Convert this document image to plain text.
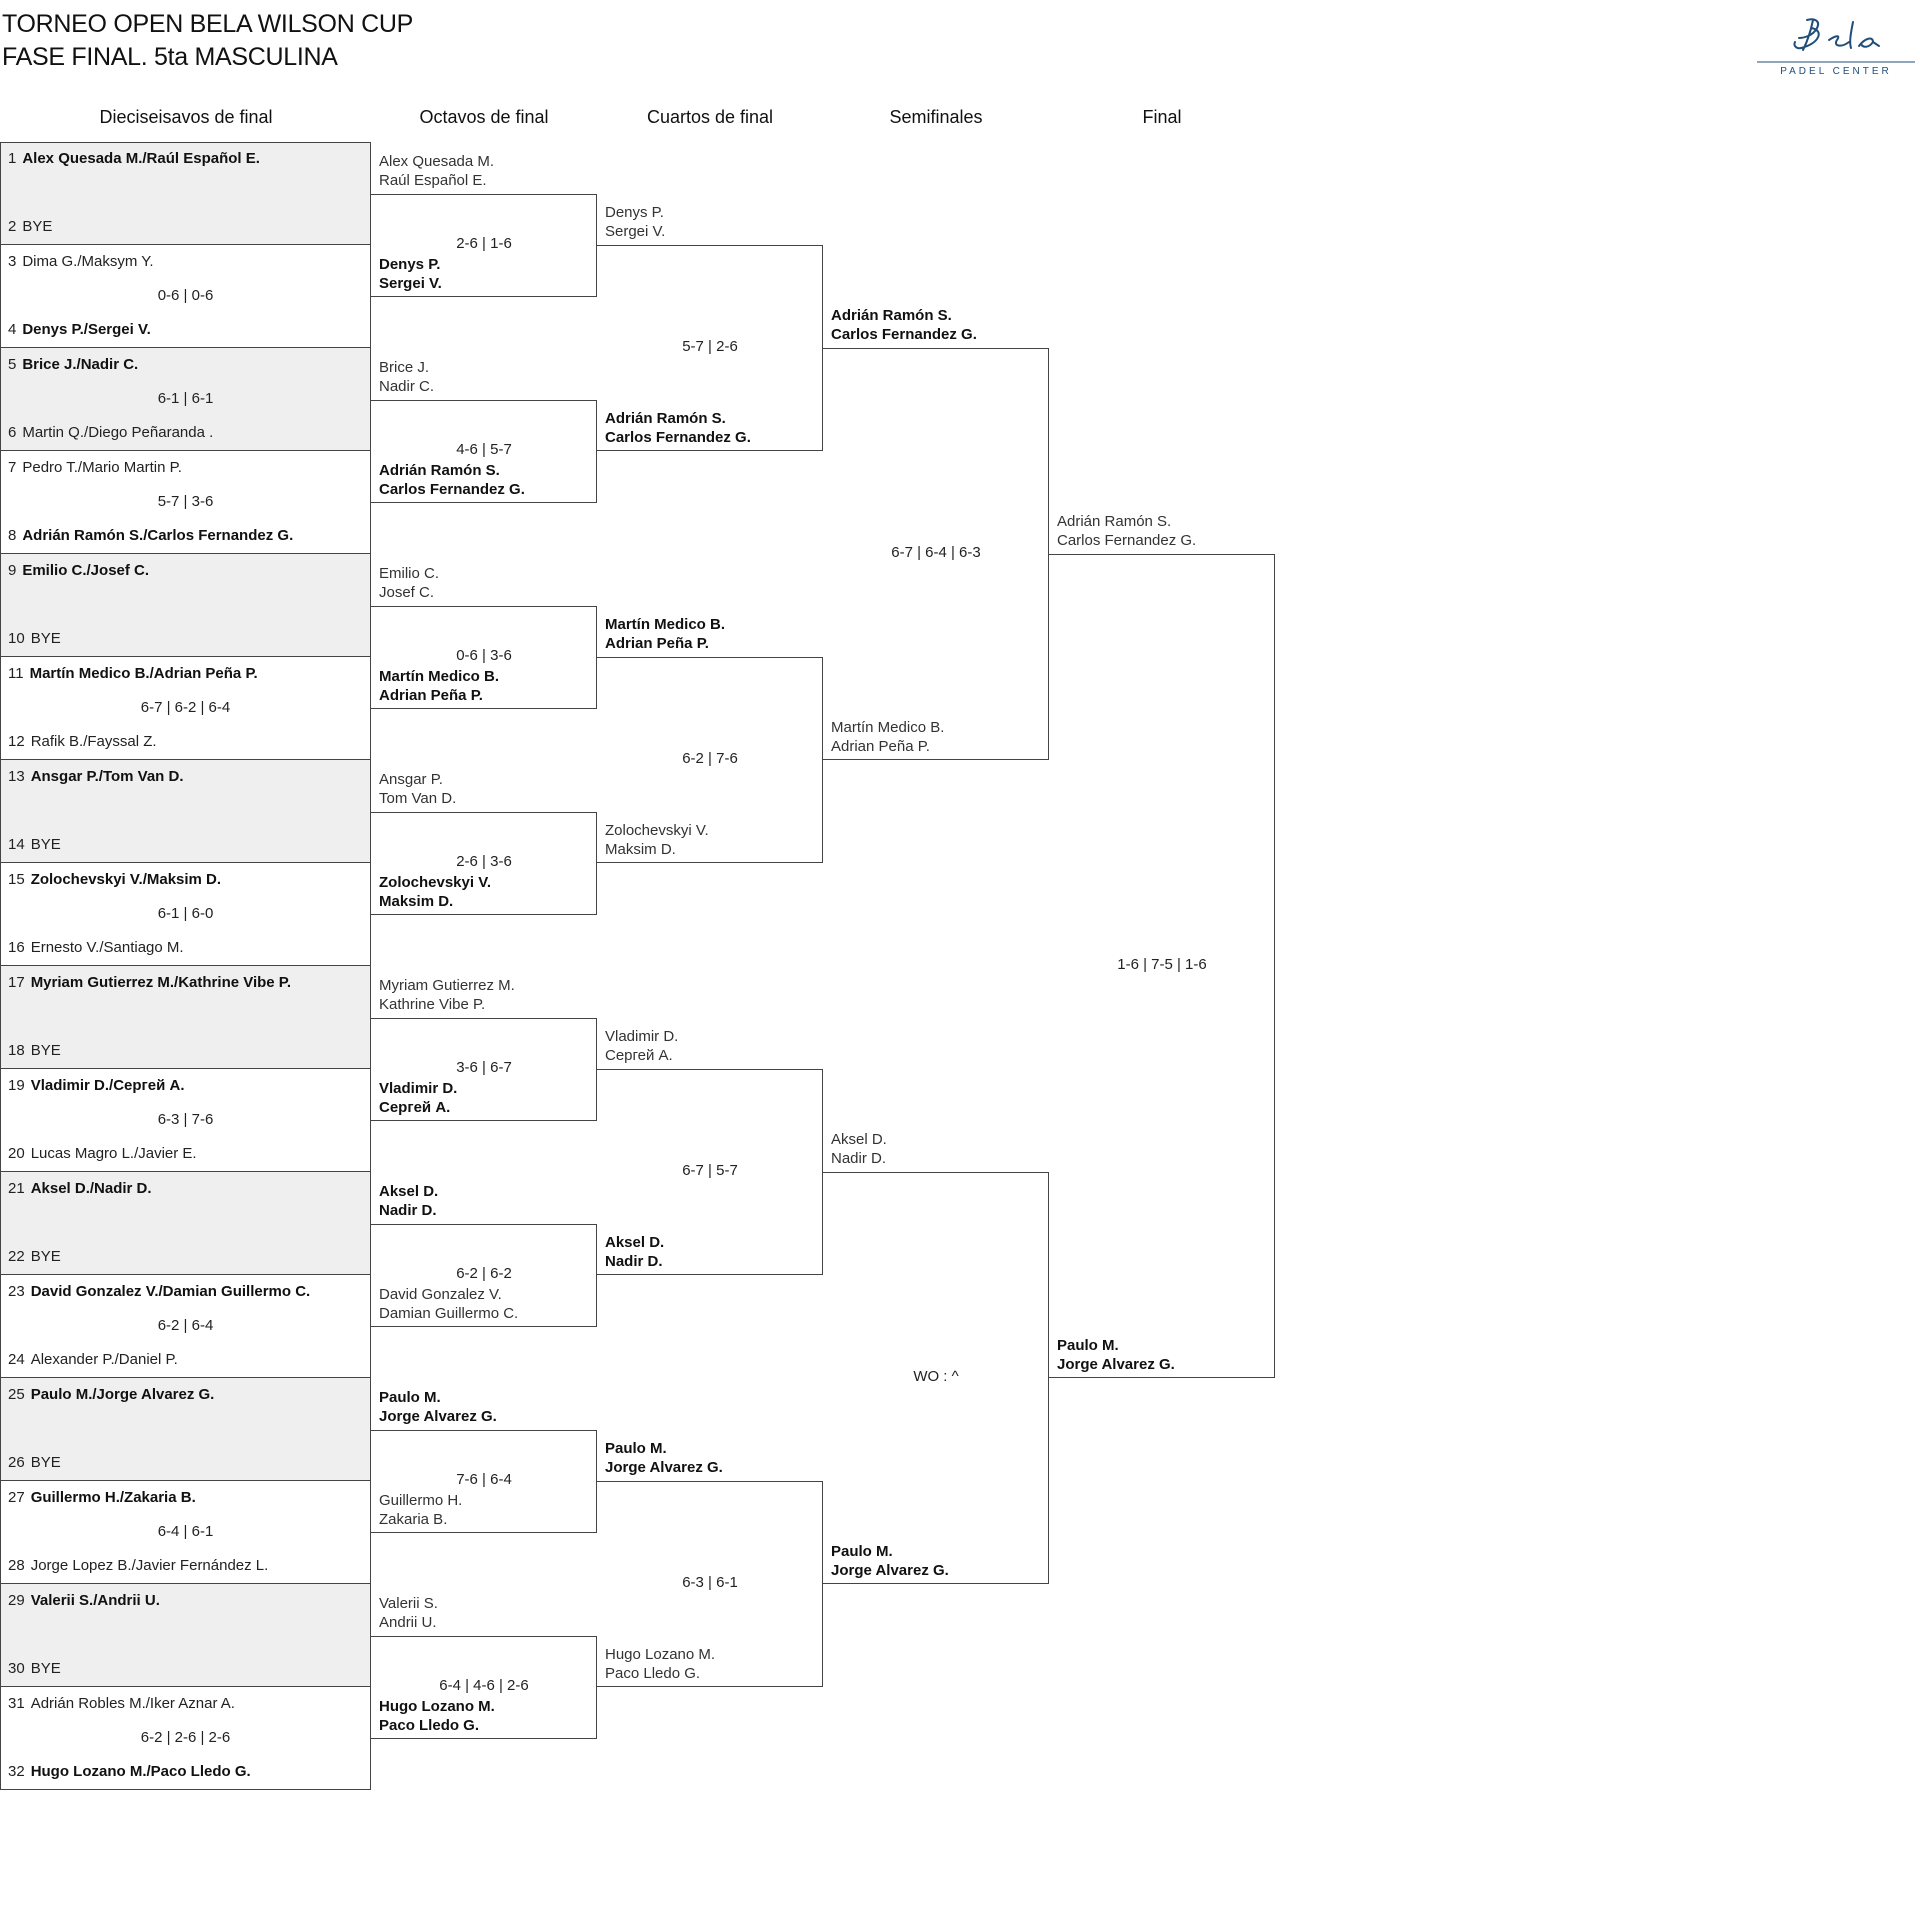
TORNEO OPEN BELA WILSON CUP
FASE FINAL. 5ta MASCULINA
PADEL CENTER
Dieciseisavos de final	Octavos de final	Cuartos de final	Semifinales	Final
1 Alex Quesada M./Raúl Español E.
2 BYE
3 Dima G./Maksym Y.
4 Denys P./Sergei V.
0-6 | 0-6
5 Brice J./Nadir C.
6 Martin Q./Diego Peñaranda .
6-1 | 6-1
7 Pedro T./Mario Martin P.
8 Adrián Ramón S./Carlos Fernandez G.
5-7 | 3-6
9 Emilio C./Josef C.
10 BYE
11 Martín Medico B./Adrian Peña P.
12 Rafik B./Fayssal Z.
6-7 | 6-2 | 6-4
13 Ansgar P./Tom Van D.
14 BYE
15 Zolochevskyi V./Maksim D.
16 Ernesto V./Santiago M.
6-1 | 6-0
17 Myriam Gutierrez M./Kathrine Vibe P.
18 BYE
19 Vladimir D./Сергей А.
20 Lucas Magro L./Javier E.
6-3 | 7-6
21 Aksel D./Nadir D.
22 BYE
23 David Gonzalez V./Damian Guillermo C.
24 Alexander P./Daniel P.
6-2 | 6-4
25 Paulo M./Jorge Alvarez G.
26 BYE
27 Guillermo H./Zakaria B.
28 Jorge Lopez B./Javier Fernández L.
6-4 | 6-1
29 Valerii S./Andrii U.
30 BYE
31 Adrián Robles M./Iker Aznar A.
32 Hugo Lozano M./Paco Lledo G.
6-2 | 2-6 | 2-6
Alex Quesada M.
Raúl Español E.
Denys P.
Sergei V.
2-6 | 1-6
Brice J.
Nadir C.
Adrián Ramón S.
Carlos Fernandez G.
4-6 | 5-7
Emilio C.
Josef C.
Martín Medico B.
Adrian Peña P.
0-6 | 3-6
Ansgar P.
Tom Van D.
Zolochevskyi V.
Maksim D.
2-6 | 3-6
Myriam Gutierrez M.
Kathrine Vibe P.
Vladimir D.
Сергей А.
3-6 | 6-7
Aksel D.
Nadir D.
David Gonzalez V.
Damian Guillermo C.
6-2 | 6-2
Paulo M.
Jorge Alvarez G.
Guillermo H.
Zakaria B.
7-6 | 6-4
Valerii S.
Andrii U.
Hugo Lozano M.
Paco Lledo G.
6-4 | 4-6 | 2-6
Denys P.
Sergei V.
Adrián Ramón S.
Carlos Fernandez G.
5-7 | 2-6
Martín Medico B.
Adrian Peña P.
Zolochevskyi V.
Maksim D.
6-2 | 7-6
Vladimir D.
Сергей А.
Aksel D.
Nadir D.
6-7 | 5-7
Paulo M.
Jorge Alvarez G.
Hugo Lozano M.
Paco Lledo G.
6-3 | 6-1
Adrián Ramón S.
Carlos Fernandez G.
Martín Medico B.
Adrian Peña P.
6-7 | 6-4 | 6-3
Aksel D.
Nadir D.
Paulo M.
Jorge Alvarez G.
WO : ^
Adrián Ramón S.
Carlos Fernandez G.
Paulo M.
Jorge Alvarez G.
1-6 | 7-5 | 1-6
